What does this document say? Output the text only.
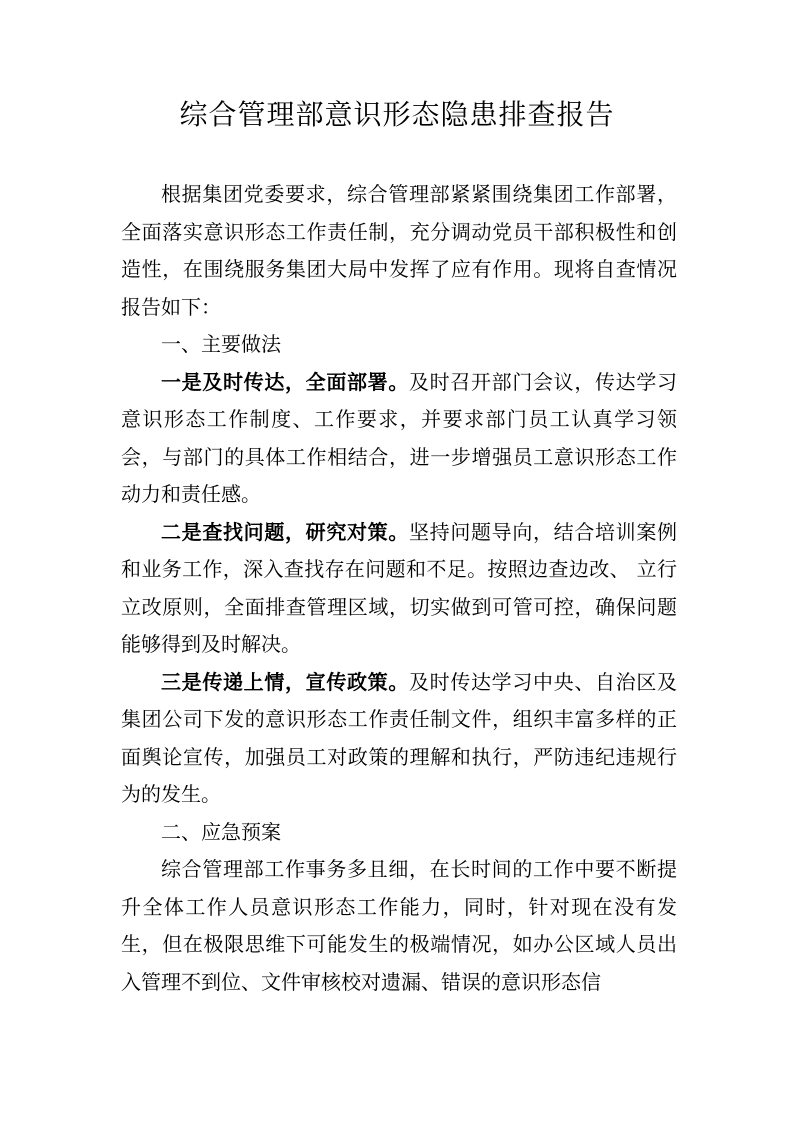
综合管理部意识形态隐患排查报告

根据集团党委要求，综合管理部紧紧围绕集团工作部署，全面落实意识形态工作责任制，充分调动党员干部积极性和创造性，在围绕服务集团大局中发挥了应有作用。现将自查情况报告如下：

一、主要做法

一是及时传达，全面部署。及时召开部门会议，传达学习意识形态工作制度、工作要求，并要求部门员工认真学习领会，与部门的具体工作相结合，进一步增强员工意识形态工作动力和责任感。

二是查找问题，研究对策。坚持问题导向，结合培训案例和业务工作，深入查找存在问题和不足。按照边查边改、 立行立改原则，全面排查管理区域，切实做到可管可控，确保问题能够得到及时解决。

三是传递上情，宣传政策。及时传达学习中央、自治区及集团公司下发的意识形态工作责任制文件，组织丰富多样的正面舆论宣传，加强员工对政策的理解和执行，严防违纪违规行为的发生。

二、应急预案

综合管理部工作事务多且细，在长时间的工作中要不断提升全体工作人员意识形态工作能力，同时，针对现在没有发生，但在极限思维下可能发生的极端情况，如办公区域人员出入管理不到位、文件审核校对遗漏、错误的意识形态信
